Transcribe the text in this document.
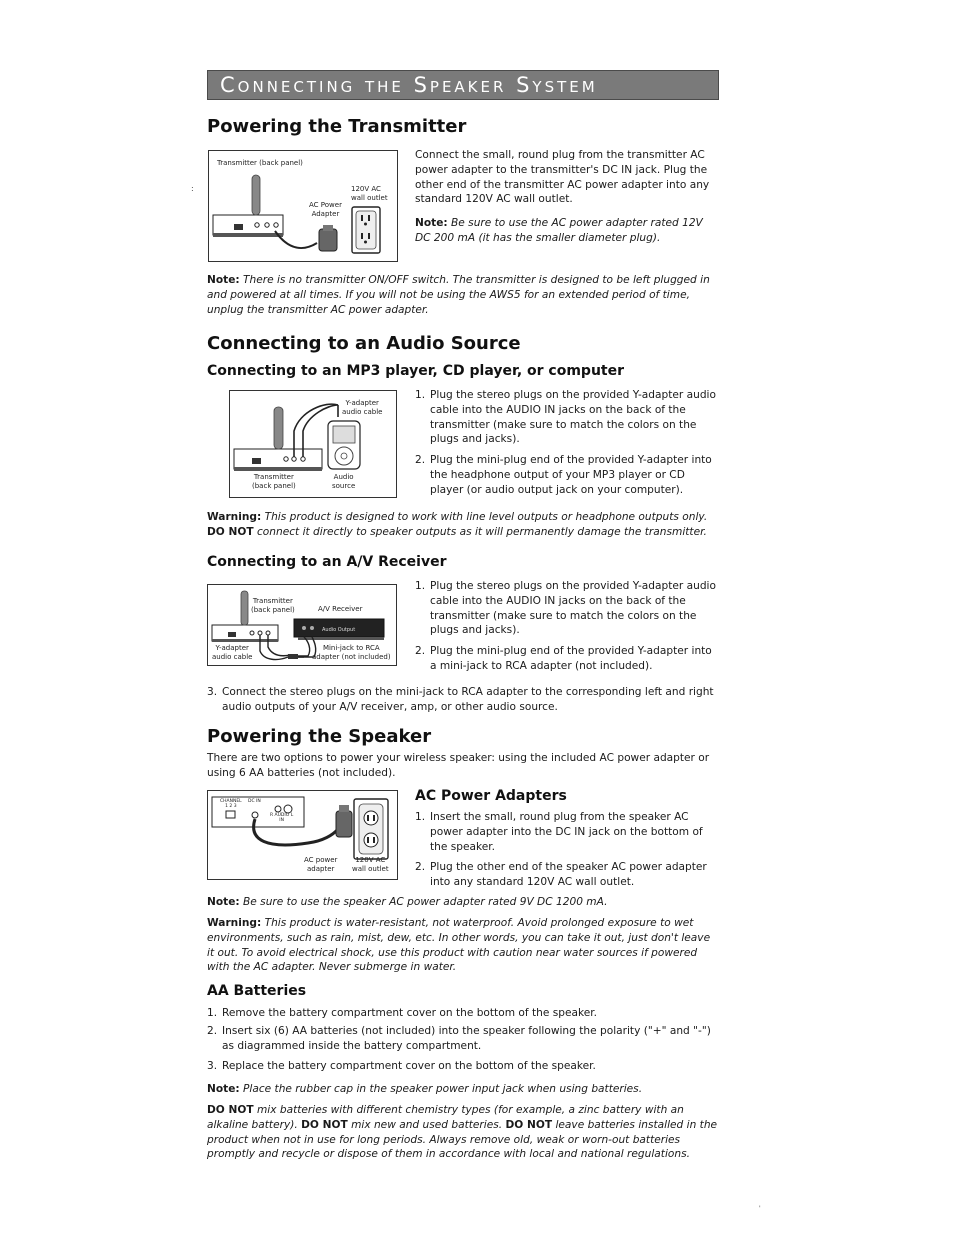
Connecting the Speaker System
Powering the Transmitter
Transmitter (back panel)
AC Power
Adapter
120V AC
wall outlet
:

Connect the small, round plug from the transmitter AC power adapter to the transmitter's DC IN jack. Plug the other end of the transmitter AC power adapter into any standard 120V AC wall outlet.

Note: Be sure to use the AC power adapter rated 12V DC 200 mA (it has the smaller diameter plug).

Note: There is no transmitter ON/OFF switch. The transmitter is designed to be left plugged in and powered at all times. If you will not be using the AWS5 for an extended period of time, unplug the transmitter AC power adapter.

Connecting to an Audio Source
Connecting to an MP3 player, CD player, or computer
Y-adapter
audio cable
Transmitter
(back panel)
Audio
source
1. Plug the stereo plugs on the provided Y-adapter audio cable into the AUDIO IN jacks on the back of the transmitter (make sure to match the colors on the plugs and jacks).
2. Plug the mini-plug end of the provided Y-adapter into the headphone output of your MP3 player or CD player (or audio output jack on your computer).

Warning: This product is designed to work with line level outputs or headphone outputs only. DO NOT connect it directly to speaker outputs as it will permanently damage the transmitter.

Connecting to an A/V Receiver
Transmitter
(back panel)	A/V Receiver
Audio Output
Y-adapter
audio cable
Mini-jack to RCA
adapter (not included)
1. Plug the stereo plugs on the provided Y-adapter audio cable into the AUDIO IN jacks on the back of the transmitter (make sure to match the colors on the plugs and jacks).
2. Plug the mini-plug end of the provided Y-adapter into a mini-jack to RCA adapter (not included).
3. Connect the stereo plugs on the mini-jack to RCA adapter to the corresponding left and right audio outputs of your A/V receiver, amp, or other audio source.
Powering the Speaker

There are two options to power your wireless speaker: using the included AC power adapter or using 6 AA batteries (not included).

CHANNEL
1 2 3
DC IN
R AUDIO L
IN
AC power
adapter
120V AC
wall outlet
AC Power Adapters
1. Insert the small, round plug from the speaker AC power adapter into the DC IN jack on the bottom of the speaker.
2. Plug the other end of the speaker AC power adapter into any standard 120V AC wall outlet.

Note: Be sure to use the speaker AC power adapter rated 9V DC 1200 mA.

Warning: This product is water-resistant, not waterproof. Avoid prolonged exposure to wet environments, such as rain, mist, dew, etc. In other words, you can take it out, just don't leave it out. To avoid electrical shock, use this product with caution near water sources if powered with the AC adapter. Never submerge in water.

AA Batteries
1. Remove the battery compartment cover on the bottom of the speaker.
2. Insert six (6) AA batteries (not included) into the speaker following the polarity ("+" and "-") as diagrammed inside the battery compartment.
3. Replace the battery compartment cover on the bottom of the speaker.

Note: Place the rubber cap in the speaker power input jack when using batteries.

DO NOT mix batteries with different chemistry types (for example, a zinc battery with an alkaline battery). DO NOT mix new and used batteries. DO NOT leave batteries installed in the product when not in use for long periods. Always remove old, weak or worn-out batteries promptly and recycle or dispose of them in accordance with local and national regulations.

'
